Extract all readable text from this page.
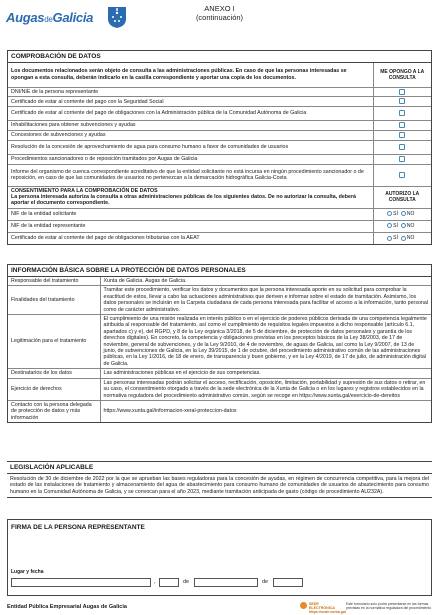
AugasdeGalicia
ANEXO I
(continuación)
COMPROBACIÓN DE DATOS
Los documentos relacionados serán objeto de consulta a las administraciones públicas. En caso de que las personas interesadas se opongan a esta consulta, deberán indicarlo en la casilla correspondiente y aportar una copia de los documentos.	ME OPONGO A LA CONSULTA
DNI/NIE de la persona representante	
Certificado de estar al corriente del pago con la Seguridad Social	
Certificado de estar al corriente del pago de obligaciones con la Administración pública de la Comunidad Autónoma de Galicia	
Inhabilitaciones para obtener subvenciones y ayudas	
Concesiones de subvenciones y ayudas	
Resolución de la concesión de aprovechamiento de agua para consumo humano a favor de comunidades de usuarios	
Procedimientos sancionadores o de reposición tramitados por Augas de Galicia	
Informe del organismo de cuenca correspondiente acreditativo de que la entidad solicitante no está incursa en ningún procedimiento sancionador o de reposición, en caso de que las comunidades de usuarios no pertenezcan a la demarcación hidrográfica Galicia-Costa	

CONSENTIMIENTO PARA LA COMPROBACIÓN DE DATOS
La persona interesada autoriza la consulta a otras administraciones públicas de los siguientes datos. De no autorizar la consulta, deberá aportar el documento correspondiente.	AUTORIZO LA CONSULTA
NIF de la entidad solicitante	SÍ NO
NIF de la entidad representante	SÍ NO
Certificado de estar al corriente del pago de obligaciones tributarias con la AEAT	SÍ NO
INFORMACIÓN BÁSICA SOBRE LA PROTECCIÓN DE DATOS PERSONALES
Responsable del tratamiento	Xunta de Galicia. Augas de Galicia.
Finalidades del tratamiento	Tramitar este procedimiento, verificar los datos y documentos que la persona interesada aporte en su solicitud para comprobar la exactitud de estos, llevar a cabo las actuaciones administrativas que deriven e informar sobre el estado de tramitación. Asimismo, los datos personales se incluirán en la Carpeta ciudadana de cada persona interesada para facilitar el acceso a la información, tanto personal como de carácter administrativo.
Legitimación para el tratamiento	El cumplimiento de una misión realizada en interés público o en el ejercicio de poderes públicos derivada de una competencia legalmente atribuida al responsable del tratamiento, así como el cumplimiento de requisitos legales impuestos a dicho responsable (artículo 6.1, apartados c) y e), del RGPD, y 8 de la Ley orgánica 3/2018, de 5 de diciembre, de protección de datos personales y garantía de los derechos digitales). En concreto, la competencia y obligaciones previstas en los preceptos básicos de la Ley 38/2003, de 17 de noviembre, general de subvenciones, y de la Ley 9/2010, de 4 de noviembre, de aguas de Galicia, así como la Ley 9/2007, de 13 de junio, de subvenciones de Galicia, en la Ley 39/2015, de 1 de octubre, del procedimiento administrativo común de las administraciones públicas, en la Ley 1/2016, de 18 de enero, de transparencia y buen gobierno, y en la Ley 4/2019, de 17 de julio, de administración digital de Galicia.
Destinatarios de los datos	Las administraciones públicas en el ejercicio de sus competencias.
Ejercicio de derechos	Las personas interesadas podrán solicitar el acceso, rectificación, oposición, limitación, portabilidad y supresión de sus datos o retirar, en su caso, el consentimiento otorgado a través de la sede electrónica de la Xunta de Galicia o en los lugares y registros establecidos en la normativa reguladora del procedimiento administrativo común, según se recoge en https://www.xunta.gal/exercicio-de-dereitos
Contacto con la persona delegada de protección de datos y más información	https://www.xunta.gal/informacion-xeral-proteccion-datos
LEGISLACIÓN APLICABLE
Resolución de 30 de diciembre de 2022 por la que se aprueban las bases reguladoras para la concesión de ayudas, en régimen de concurrencia competitiva, para la mejora del estado de las instalaciones de tratamiento y almacenamiento del agua de abastecimiento para consumo humano de comunidades de usuarios de abastecimiento para consumo humano en la Comunidad Autónoma de Galicia, y se convocan para el año 2023, mediante tramitación anticipada de gasto (código de procedimiento AU232A).
FIRMA DE LA PERSONA REPRESENTANTE
Lugar y fecha
,	de	de
Entidad Pública Empresarial Augas de Galicia	SEDE ELECTRÓNICA
https://sede.xunta.gal
Este formulario solo podrá presentarse en las formas previstas en la normativa reguladora del procedimiento
